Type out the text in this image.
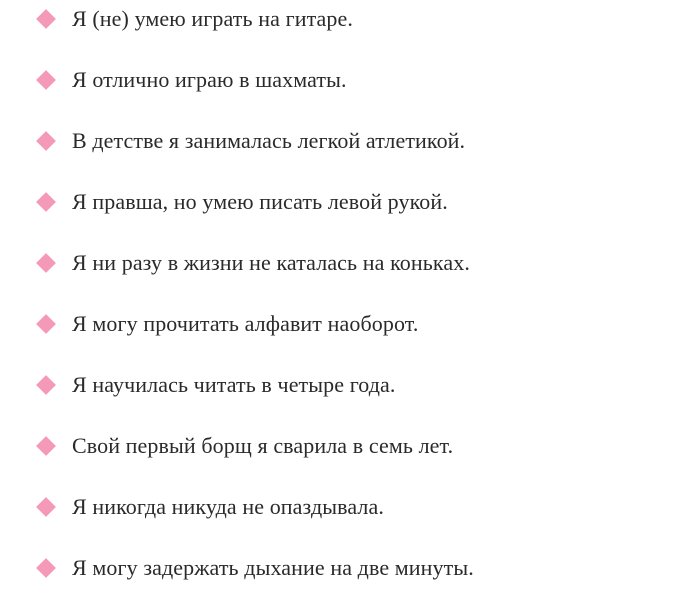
Я (не) умею играть на гитаре.
Я отлично играю в шахматы.
В детстве я занималась легкой атлетикой.
Я правша, но умею писать левой рукой.
Я ни разу в жизни не каталась на коньках.
Я могу прочитать алфавит наоборот.
Я научилась читать в четыре года.
Свой первый борщ я сварила в семь лет.
Я никогда никуда не опаздывала.
Я могу задержать дыхание на две минуты.
